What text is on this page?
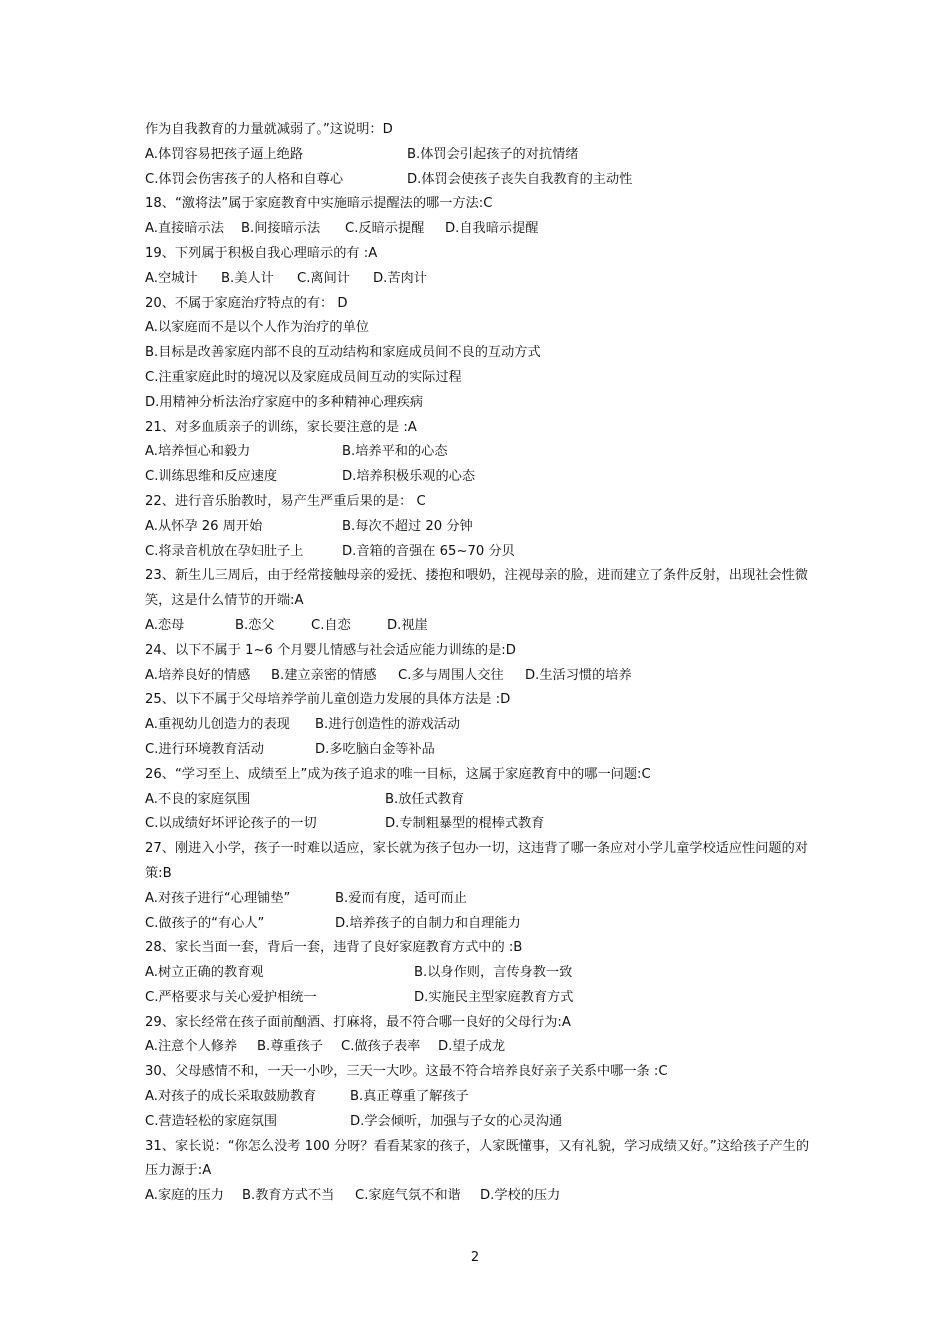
作为自我教育的力量就减弱了。”这说明：D
A.体罚容易把孩子逼上绝路	B.体罚会引起孩子的对抗情绪
C.体罚会伤害孩子的人格和自尊心	D.体罚会使孩子丧失自我教育的主动性
18、“激将法”属于家庭教育中实施暗示提醒法的哪一方法:C
A.直接暗示法 B.间接暗示法 C.反暗示提醒 D.自我暗示提醒
19、下列属于积极自我心理暗示的有 :A
A.空城计 B.美人计 C.离间计 D.苦肉计
20、不属于家庭治疗特点的有： D
A.以家庭而不是以个人作为治疗的单位
B.目标是改善家庭内部不良的互动结构和家庭成员间不良的互动方式
C.注重家庭此时的境况以及家庭成员间互动的实际过程
D.用精神分析法治疗家庭中的多种精神心理疾病
21、对多血质亲子的训练，家长要注意的是 :A
A.培养恒心和毅力	B.培养平和的心态
C.训练思维和反应速度	D.培养积极乐观的心态
22、进行音乐胎教时，易产生严重后果的是： C
A.从怀孕 26 周开始	B.每次不超过 20 分钟
C.将录音机放在孕妇肚子上	D.音箱的音强在 65~70 分贝
23、新生儿三周后，由于经常接触母亲的爱抚、搂抱和喂奶，注视母亲的脸，进而建立了条件反射，出现社会性微笑，这是什么情节的开端:A
A.恋母	B.恋父	C.自恋	D.视崖
24、以下不属于 1~6 个月婴儿情感与社会适应能力训练的是:D
A.培养良好的情感 B.建立亲密的情感 C.多与周围人交往 D.生活习惯的培养
25、以下不属于父母培养学前儿童创造力发展的具体方法是 :D
A.重视幼儿创造力的表现 B.进行创造性的游戏活动
C.进行环境教育活动	D.多吃脑白金等补品
26、“学习至上、成绩至上”成为孩子追求的唯一目标，这属于家庭教育中的哪一问题:C
A.不良的家庭氛围	B.放任式教育
C.以成绩好坏评论孩子的一切	D.专制粗暴型的棍棒式教育
27、刚进入小学，孩子一时难以适应，家长就为孩子包办一切，这违背了哪一条应对小学儿童学校适应性问题的对策:B
A.对孩子进行“心理铺垫”	B.爱而有度，适可而止
C.做孩子的“有心人”	D.培养孩子的自制力和自理能力
28、家长当面一套，背后一套，违背了良好家庭教育方式中的 :B
A.树立正确的教育观	B.以身作则，言传身教一致
C.严格要求与关心爱护相统一	D.实施民主型家庭教育方式
29、家长经常在孩子面前酗酒、打麻将，最不符合哪一良好的父母行为:A
A.注意个人修养 B.尊重孩子 C.做孩子表率 D.望子成龙
30、父母感情不和，一天一小吵，三天一大吵。这最不符合培养良好亲子关系中哪一条 :C
A.对孩子的成长采取鼓励教育	B.真正尊重了解孩子
C.营造轻松的家庭氛围	D.学会倾听，加强与子女的心灵沟通
31、家长说：“你怎么没考 100 分呀？看看某家的孩子，人家既懂事，又有礼貌，学习成绩又好。”这给孩子产生的压力源于:A
A.家庭的压力 B.教育方式不当 C.家庭气氛不和谐 D.学校的压力
2
